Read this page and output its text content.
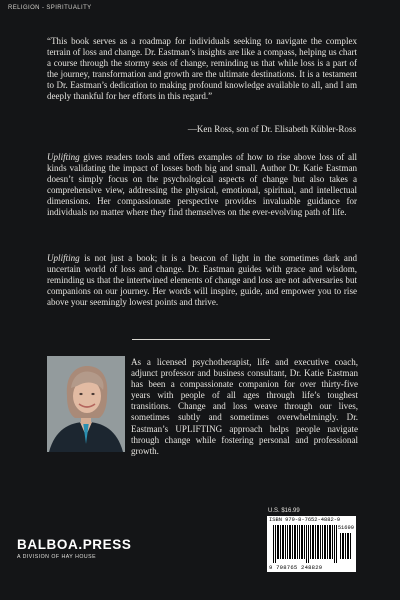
RELIGION - SPIRITUALITY

“This book serves as a roadmap for individuals seeking to navigate the complex terrain of loss and change. Dr. Eastman’s insights are like a compass, helping us chart a course through the stormy seas of change, reminding us that while loss is a part of the journey, transformation and growth are the ultimate destinations. It is a testament to Dr. Eastman’s dedication to making profound knowledge available to all, and I am deeply thankful for her efforts in this regard.”

—Ken Ross, son of Dr. Elisabeth Kübler-Ross

Uplifting gives readers tools and offers examples of how to rise above loss of all kinds validating the impact of losses both big and small. Author Dr. Katie Eastman doesn’t simply focus on the psychological aspects of change but also takes a comprehensive view, addressing the physical, emotional, spiritual, and intellectual dimensions. Her compassionate perspective provides invaluable guidance for individuals no matter where they find themselves on the ever-evolving path of life.

Uplifting is not just a book; it is a beacon of light in the sometimes dark and uncertain world of loss and change. Dr. Eastman guides with grace and wisdom, reminding us that the intertwined elements of change and loss are not adversaries but companions on our journey. Her words will inspire, guide, and empower you to rise above your seemingly lowest points and thrive.

As a licensed psychotherapist, life and executive coach, adjunct professor and business consultant, Dr. Katie Eastman has been a compassionate companion for over thirty-five years with people of all ages through life’s toughest transitions. Change and loss weave through our lives, sometimes subtly and sometimes overwhelmingly. Dr. Eastman’s UPLIFTING approach helps people navigate through change while fostering personal and professional growth.

U.S. $16.99
ISBN 979-8-7652-4882-9
51699
9 798765 248829
BALBOA.PRESS
A DIVISION OF HAY HOUSE
